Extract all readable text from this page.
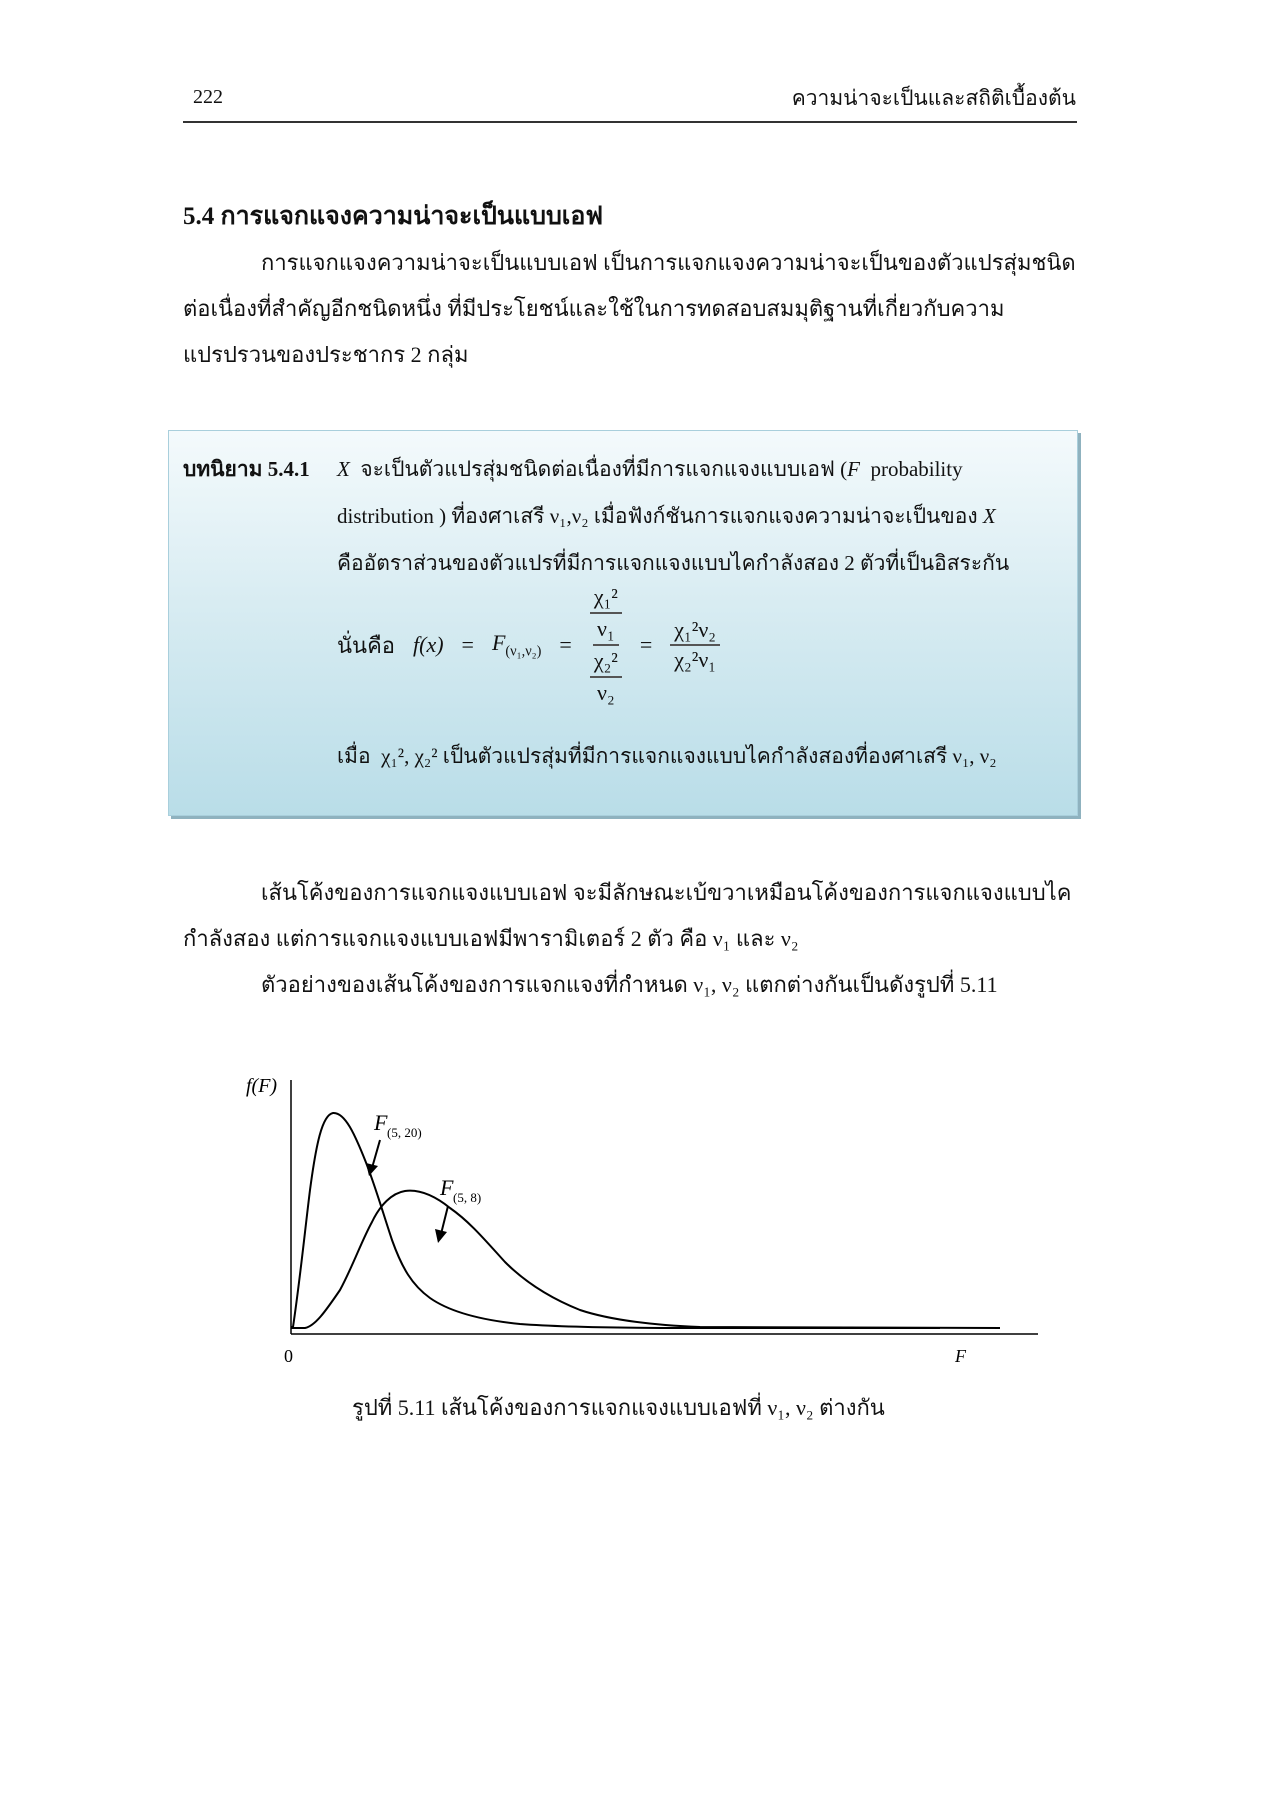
222	ความน่าจะเป็นและสถิติเบื้องต้น
5.4 การแจกแจงความน่าจะเป็นแบบเอฟ
การแจกแจงความน่าจะเป็นแบบเอฟ เป็นการแจกแจงความน่าจะเป็นของตัวแปรสุ่มชนิดต่อเนื่องที่สำคัญอีกชนิดหนึ่ง ที่มีประโยชน์และใช้ในการทดสอบสมมุติฐานที่เกี่ยวกับความแปรปรวนของประชากร 2 กลุ่ม
บทนิยาม 5.4.1 X จะเป็นตัวแปรสุ่มชนิดต่อเนื่องที่มีการแจกแจงแบบเอฟ (F probability
distribution ) ที่องศาเสรี ν₁,ν₂ เมื่อฟังก์ชันการแจกแจงความน่าจะเป็นของ X
คืออัตราส่วนของตัวแปรที่มีการแจกแจงแบบไคกำลังสอง 2 ตัวที่เป็นอิสระกัน
นั่นคือ $f(x) = F_{(\nu_1,\nu_2)}$ =
χ₁²
ν₁
χ₂²
ν₂
= $\frac{\text{χ₁²ν₂}}{\text{χ₂²ν₁}}$
เมื่อ χ₁², χ₂² เป็นตัวแปรสุ่มที่มีการแจกแจงแบบไคกำลังสองที่องศาเสรี ν₁, ν₂
เส้นโค้งของการแจกแจงแบบเอฟ จะมีลักษณะเบ้ขวาเหมือนโค้งของการแจกแจงแบบไคกำลังสอง แต่การแจกแจงแบบเอฟมีพารามิเตอร์ 2 ตัว คือ ν₁ และ ν₂
ตัวอย่างของเส้นโค้งของการแจกแจงที่กำหนด ν₁, ν₂ แตกต่างกันเป็นดังรูปที่ 5.11
f(F)
0	F
F (5, 20)
F (5, 8)
รูปที่ 5.11 เส้นโค้งของการแจกแจงแบบเอฟที่ ν₁, ν₂ ต่างกัน
